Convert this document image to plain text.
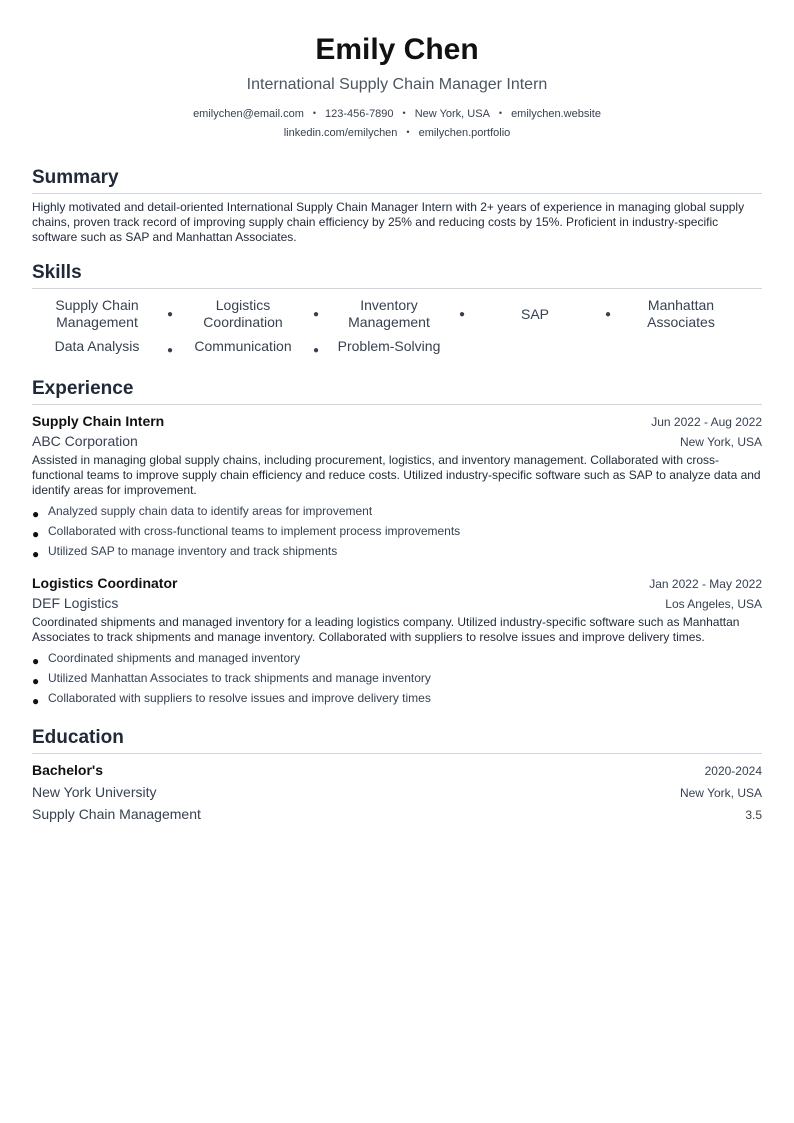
Emily Chen
International Supply Chain Manager Intern
emilychen@email.com • 123-456-7890 • New York, USA • emilychen.website
linkedin.com/emilychen • emilychen.portfolio
Summary
Highly motivated and detail-oriented International Supply Chain Manager Intern with 2+ years of experience in managing global supply chains, proven track record of improving supply chain efficiency by 25% and reducing costs by 15%. Proficient in industry-specific software such as SAP and Manhattan Associates.
Skills
Supply Chain Management	●
Logistics Coordination	●
Inventory Management	●	SAP	●
Manhattan Associates
Data Analysis	●	Communication	●	Problem-Solving
Experience
Supply Chain Intern	Jun 2022 - Aug 2022
ABC Corporation	New York, USA
Assisted in managing global supply chains, including procurement, logistics, and inventory management. Collaborated with cross-functional teams to improve supply chain efficiency and reduce costs. Utilized industry-specific software such as SAP to analyze data and identify areas for improvement.
● Analyzed supply chain data to identify areas for improvement
● Collaborated with cross-functional teams to implement process improvements
● Utilized SAP to manage inventory and track shipments
Logistics Coordinator	Jan 2022 - May 2022
DEF Logistics	Los Angeles, USA
Coordinated shipments and managed inventory for a leading logistics company. Utilized industry-specific software such as Manhattan Associates to track shipments and manage inventory. Collaborated with suppliers to resolve issues and improve delivery times.
● Coordinated shipments and managed inventory
● Utilized Manhattan Associates to track shipments and manage inventory
● Collaborated with suppliers to resolve issues and improve delivery times
Education
Bachelor's	2020-2024
New York University	New York, USA
Supply Chain Management	3.5
